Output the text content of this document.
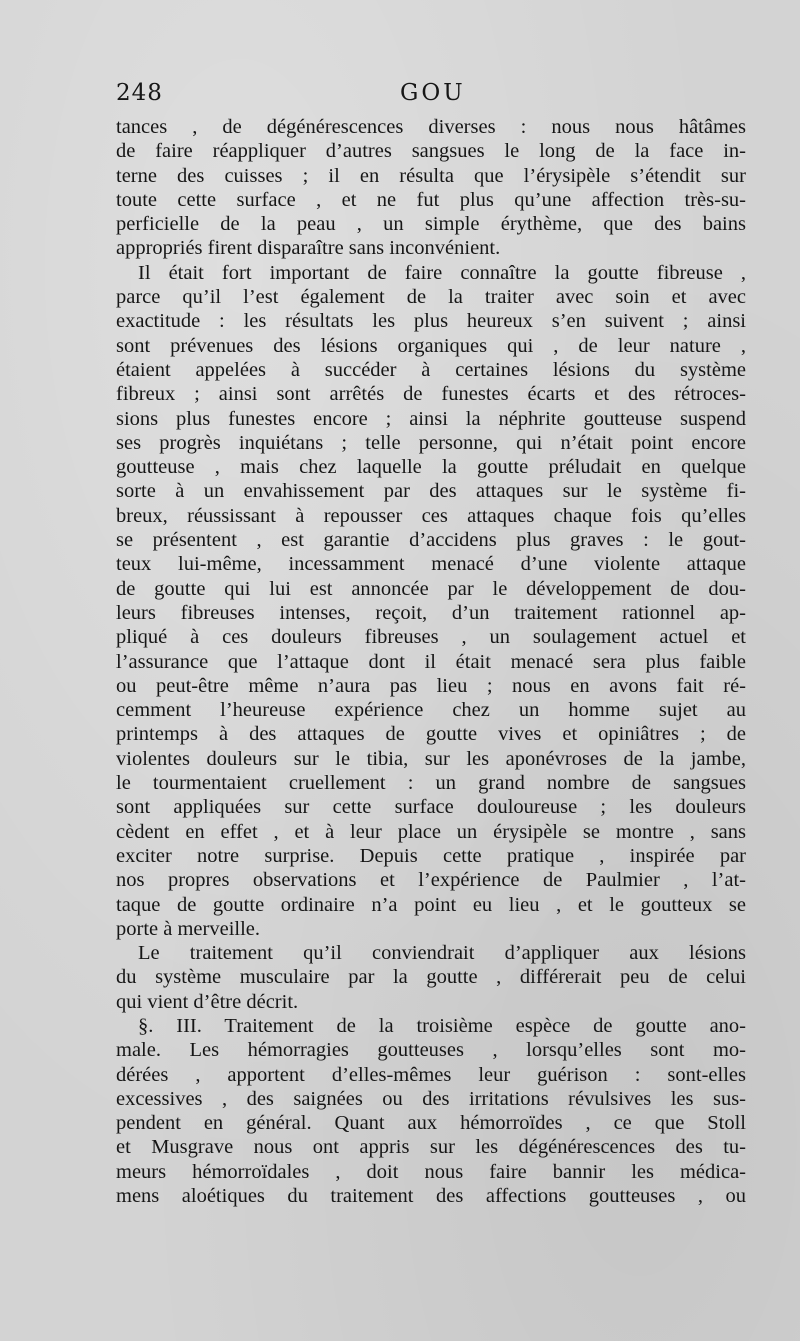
248	GOU
tances , de dégénérescences diverses : nous nous hâtâmes
de faire réappliquer d’autres sangsues le long de la face in-
terne des cuisses ; il en résulta que l’érysipèle s’étendit sur
toute cette surface , et ne fut plus qu’une affection très-su-
perficielle de la peau , un simple érythème, que des bains
appropriés firent disparaître sans inconvénient.
Il était fort important de faire connaître la goutte fibreuse ,
parce qu’il l’est également de la traiter avec soin et avec
exactitude : les résultats les plus heureux s’en suivent ; ainsi
sont prévenues des lésions organiques qui , de leur nature ,
étaient appelées à succéder à certaines lésions du système
fibreux ; ainsi sont arrêtés de funestes écarts et des rétroces-
sions plus funestes encore ; ainsi la néphrite goutteuse suspend
ses progrès inquiétans ; telle personne, qui n’était point encore
goutteuse , mais chez laquelle la goutte préludait en quelque
sorte à un envahissement par des attaques sur le système fi-
breux, réussissant à repousser ces attaques chaque fois qu’elles
se présentent , est garantie d’accidens plus graves : le gout-
teux lui-même, incessamment menacé d’une violente attaque
de goutte qui lui est annoncée par le développement de dou-
leurs fibreuses intenses, reçoit, d’un traitement rationnel ap-
pliqué à ces douleurs fibreuses , un soulagement actuel et
l’assurance que l’attaque dont il était menacé sera plus faible
ou peut-être même n’aura pas lieu ; nous en avons fait ré-
cemment l’heureuse expérience chez un homme sujet au
printemps à des attaques de goutte vives et opiniâtres ; de
violentes douleurs sur le tibia, sur les aponévroses de la jambe,
le tourmentaient cruellement : un grand nombre de sangsues
sont appliquées sur cette surface douloureuse ; les douleurs
cèdent en effet , et à leur place un érysipèle se montre , sans
exciter notre surprise. Depuis cette pratique , inspirée par
nos propres observations et l’expérience de Paulmier , l’at-
taque de goutte ordinaire n’a point eu lieu , et le goutteux se
porte à merveille.
Le traitement qu’il conviendrait d’appliquer aux lésions
du système musculaire par la goutte , différerait peu de celui
qui vient d’être décrit.
§. III. Traitement de la troisième espèce de goutte ano-
male. Les hémorragies goutteuses , lorsqu’elles sont mo-
dérées , apportent d’elles-mêmes leur guérison : sont-elles
excessives , des saignées ou des irritations révulsives les sus-
pendent en général. Quant aux hémorroïdes , ce que Stoll
et Musgrave nous ont appris sur les dégénérescences des tu-
meurs hémorroïdales , doit nous faire bannir les médica-
mens aloétiques du traitement des affections goutteuses , ou
